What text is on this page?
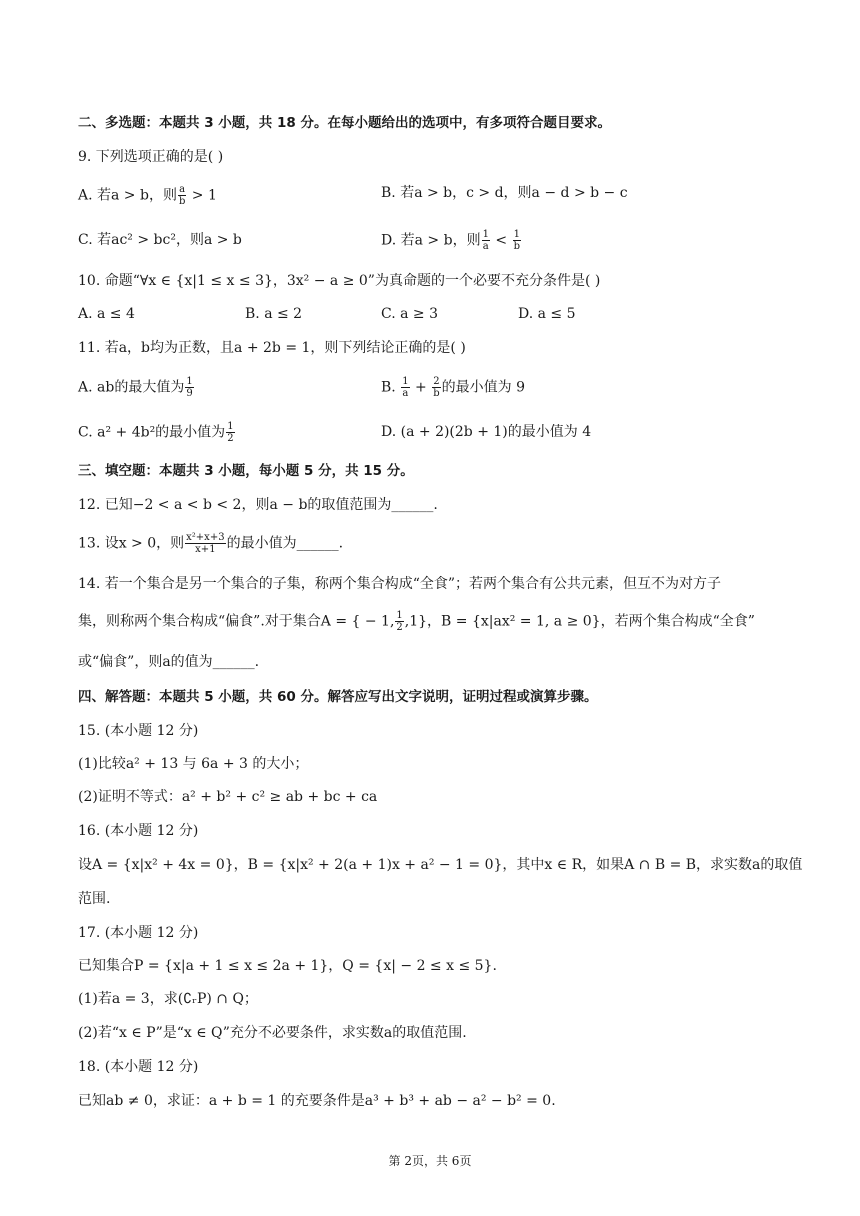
二、多选题：本题共 3 小题，共 18 分。在每小题给出的选项中，有多项符合题目要求。
9. 下列选项正确的是( )
A. 若a > b，则 $\frac{a}{b} > 1$	B. 若a > b，c > d，则a − d > b − c
C. 若ac² > bc²，则a > b	D. 若a > b，则 $\frac{1}{a} < \frac{1}{b}$
10. 命题“∀x ∈ {x|1 ≤ x ≤ 3}，3x² − a ≥ 0”为真命题的一个必要不充分条件是( )
A. a ≤ 4	B. a ≤ 2	C. a ≥ 3	D. a ≤ 5
11. 若a，b均为正数，且a + 2b = 1，则下列结论正确的是( )
A. ab的最大值为 $\frac{1}{9}$	B. $\frac{1}{a} + \frac{2}{b}$ 的最小值为 9
C. a² + 4b²的最小值为 $\frac{1}{2}$	D. (a + 2)(2b + 1)的最小值为 4
三、填空题：本题共 3 小题，每小题 5 分，共 15 分。
12. 已知−2 < a < b < 2，则a − b的取值范围为______.
13. 设x > 0，则 $\frac{\text{x²+x+3}}{x+1}$ 的最小值为______.
14. 若一个集合是另一个集合的子集，称两个集合构成“全食”；若两个集合有公共元素，但互不为对方子
集，则称两个集合构成“偏食”.对于集合A = { − 1, $\frac{1}{2} ,1$}，B = {x|ax² = 1, a ≥ 0}，若两个集合构成“全食”
或“偏食”，则a的值为______.
四、解答题：本题共 5 小题，共 60 分。解答应写出文字说明，证明过程或演算步骤。
15. (本小题 12 分)
(1)比较a² + 13 与 6a + 3 的大小；
(2)证明不等式：a² + b² + c² ≥ ab + bc + ca
16. (本小题 12 分)
设A = {x|x² + 4x = 0}，B = {x|x² + 2(a + 1)x + a² − 1 = 0}，其中x ∈ R，如果A ∩ B = B，求实数a的取值
范围.
17. (本小题 12 分)
已知集合P = {x|a + 1 ≤ x ≤ 2a + 1}，Q = {x| − 2 ≤ x ≤ 5}.
(1)若a = 3，求(∁ᵣP) ∩ Q；
(2)若“x ∈ P”是“x ∈ Q”充分不必要条件，求实数a的取值范围.
18. (本小题 12 分)
已知ab ≠ 0，求证：a + b = 1 的充要条件是a³ + b³ + ab − a² − b² = 0.
第 2页，共 6页
